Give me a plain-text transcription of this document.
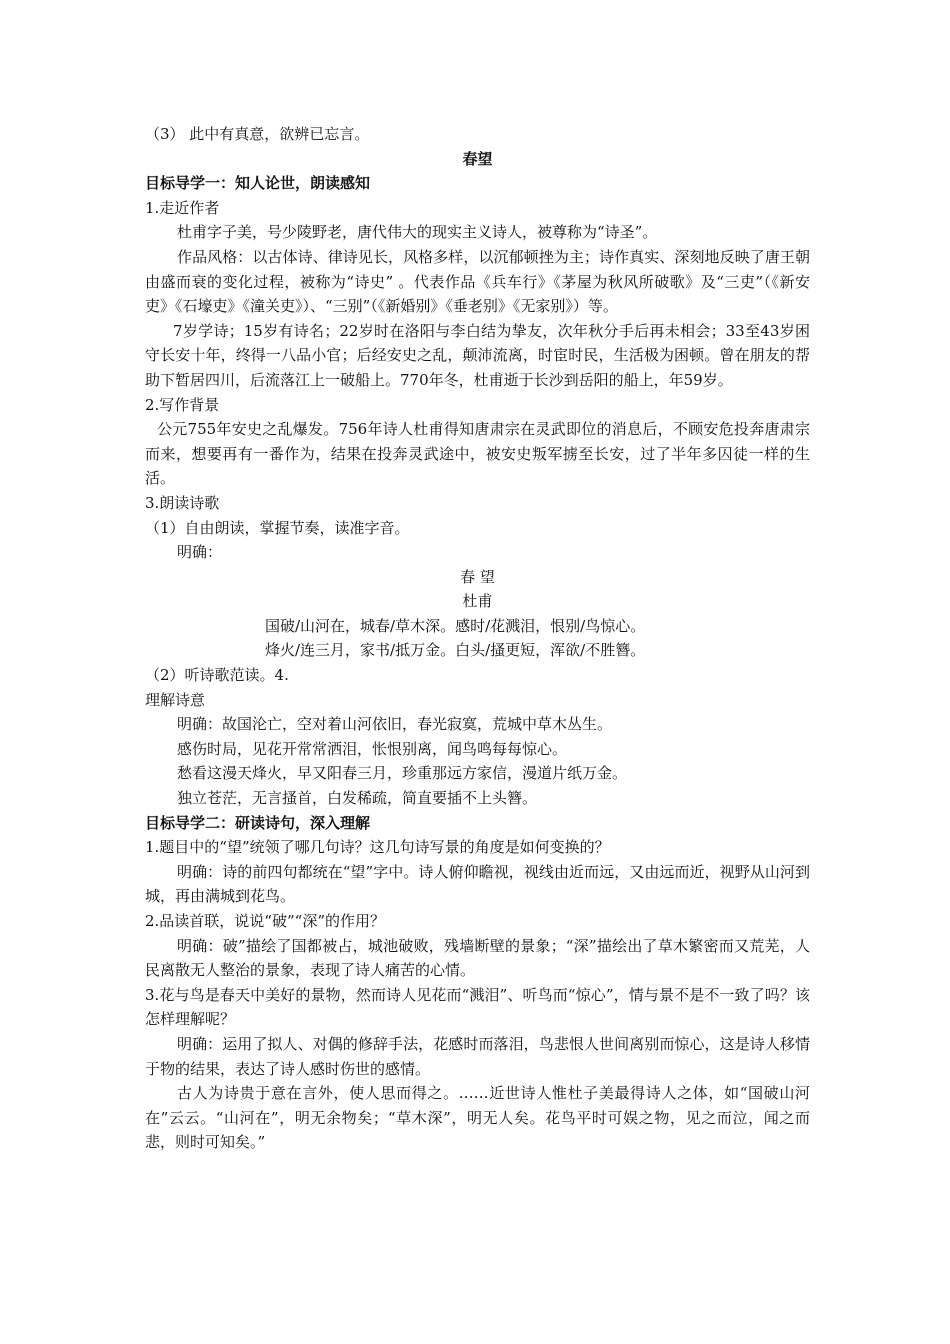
（3） 此中有真意，欲辨已忘言。

春望

目标导学一：知人论世，朗读感知

1.走近作者

杜甫字子美，号少陵野老，唐代伟大的现实主义诗人，被尊称为“诗圣”。

作品风格：以古体诗、律诗见长，风格多样，以沉郁顿挫为主；诗作真实、深刻地反映了唐王朝由盛而衰的变化过程，被称为“诗史” 。代表作品《兵车行》《茅屋为秋风所破歌》及“三吏”（《新安吏》《石壕吏》《潼关吏》）、“三别”（《新婚别》《垂老别》《无家别》）等。

7岁学诗；15岁有诗名；22岁时在洛阳与李白结为挚友，次年秋分手后再未相会；33至43岁困守长安十年，终得一八品小官；后经安史之乱，颠沛流离，时宦时民，生活极为困顿。曾在朋友的帮助下暂居四川，后流落江上一破船上。770年冬，杜甫逝于长沙到岳阳的船上，年59岁。

2.写作背景

公元755年安史之乱爆发。756年诗人杜甫得知唐肃宗在灵武即位的消息后，不顾安危投奔唐肃宗而来，想要再有一番作为，结果在投奔灵武途中，被安史叛军掳至长安，过了半年多囚徒一样的生活。

3.朗读诗歌

（1）自由朗读，掌握节奏，读准字音。

明确：

春 望

杜甫

国破/山河在，城春/草木深。感时/花溅泪，恨别/鸟惊心。

烽火/连三月，家书/抵万金。白头/搔更短，浑欲/不胜簪。

（2）听诗歌范读。4.

理解诗意

明确：故国沦亡，空对着山河依旧，春光寂寞，荒城中草木丛生。

感伤时局，见花开常常洒泪，怅恨别离，闻鸟鸣每每惊心。

愁看这漫天烽火，早又阳春三月，珍重那远方家信，漫道片纸万金。

独立苍茫，无言搔首，白发稀疏，简直要插不上头簪。

目标导学二：研读诗句，深入理解

1.题目中的“望”统领了哪几句诗？这几句诗写景的角度是如何变换的？

明确：诗的前四句都统在“望”字中。诗人俯仰瞻视，视线由近而远，又由远而近，视野从山河到城，再由满城到花鸟。

2.品读首联，说说“破”“深”的作用？

明确：破”描绘了国都被占，城池破败，残墙断壁的景象；“深”描绘出了草木繁密而又荒芜，人民离散无人整治的景象，表现了诗人痛苦的心情。

3.花与鸟是春天中美好的景物，然而诗人见花而“溅泪”、听鸟而“惊心”，情与景不是不一致了吗？该怎样理解呢？

明确：运用了拟人、对偶的修辞手法，花感时而落泪，鸟悲恨人世间离别而惊心，这是诗人移情于物的结果，表达了诗人感时伤世的感情。

古人为诗贵于意在言外，使人思而得之。……近世诗人惟杜子美最得诗人之体，如“国破山河在”云云。“山河在”，明无余物矣；“草木深”，明无人矣。花鸟平时可娱之物，见之而泣，闻之而悲，则时可知矣。”
